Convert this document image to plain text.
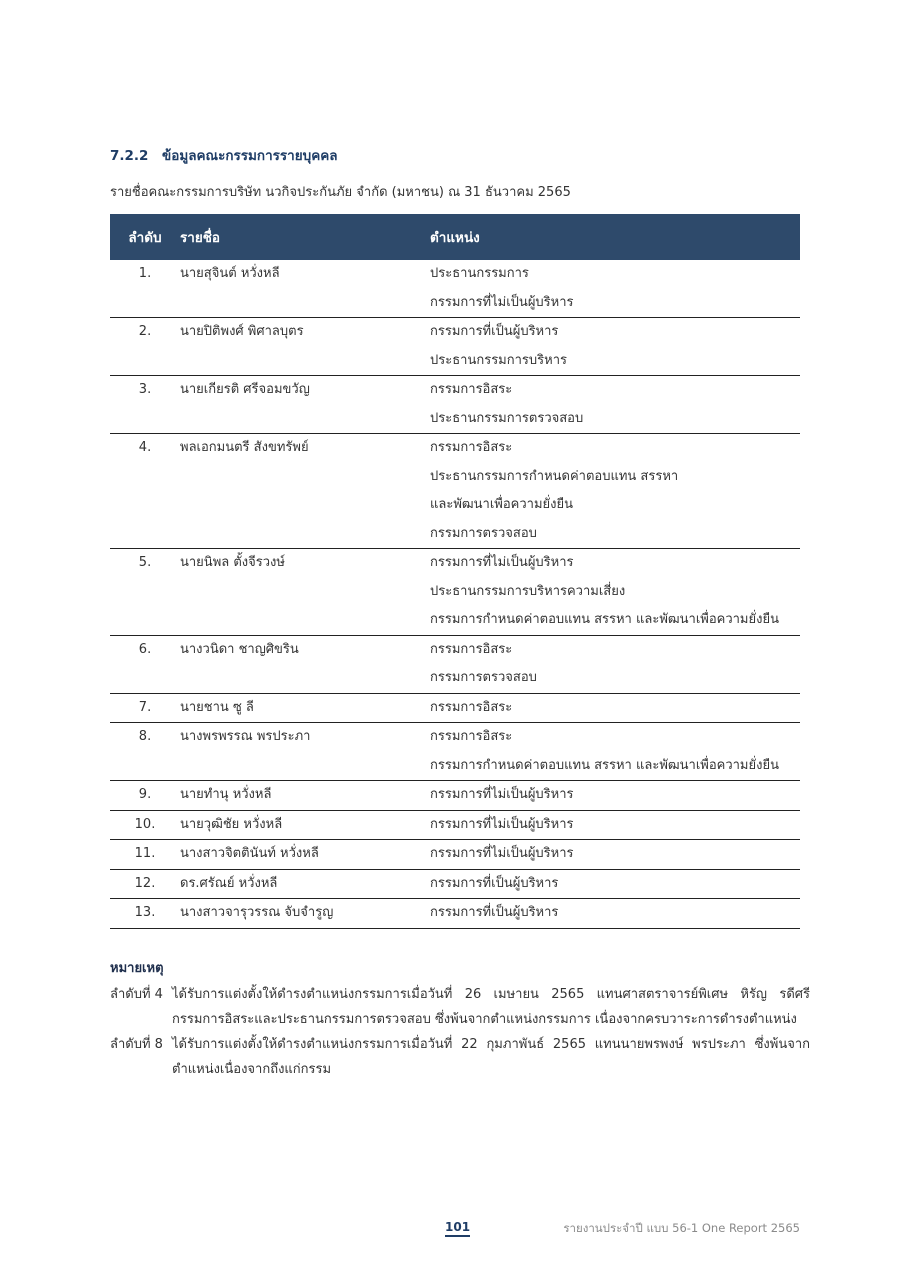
7.2.2 ข้อมูลคณะกรรมการรายบุคคล
รายชื่อคณะกรรมการบริษัท นวกิจประกันภัย จำกัด (มหาชน) ณ 31 ธันวาคม 2565
ลำดับ	รายชื่อ	ตำแหน่ง

1.	นายสุจินต์ หวั่งหลี	ประธานกรรมการ
กรรมการที่ไม่เป็นผู้บริหาร

2.	นายปิติพงศ์ พิศาลบุตร	กรรมการที่เป็นผู้บริหาร
ประธานกรรมการบริหาร

3.	นายเกียรติ ศรีจอมขวัญ	กรรมการอิสระ
ประธานกรรมการตรวจสอบ

4.	พลเอกมนตรี สังขทรัพย์	กรรมการอิสระ
ประธานกรรมการกำหนดค่าตอบแทน สรรหา
และพัฒนาเพื่อความยั่งยืน
กรรมการตรวจสอบ

5.	นายนิพล ตั้งจีรวงษ์	กรรมการที่ไม่เป็นผู้บริหาร
ประธานกรรมการบริหารความเสี่ยง
กรรมการกำหนดค่าตอบแทน สรรหา และพัฒนาเพื่อความยั่งยืน

6.	นางวนิดา ชาญศิขริน	กรรมการอิสระ
กรรมการตรวจสอบ

7.	นายชาน ซู ลี	กรรมการอิสระ

8.	นางพรพรรณ พรประภา	กรรมการอิสระ
กรรมการกำหนดค่าตอบแทน สรรหา และพัฒนาเพื่อความยั่งยืน

9.	นายทำนุ หวั่งหลี	กรรมการที่ไม่เป็นผู้บริหาร

10.	นายวุฒิชัย หวั่งหลี	กรรมการที่ไม่เป็นผู้บริหาร

11.	นางสาวจิตตินันท์ หวั่งหลี	กรรมการที่ไม่เป็นผู้บริหาร

12.	ดร.ศรัณย์ หวั่งหลี	กรรมการที่เป็นผู้บริหาร

13.	นางสาวจารุวรรณ จับจำรูญ	กรรมการที่เป็นผู้บริหาร
หมายเหตุ
ลำดับที่ 4 ได้รับการแต่งตั้งให้ดำรงตำแหน่งกรรมการเมื่อวันที่ 26 เมษายน 2565 แทนศาสตราจารย์พิเศษ หิรัญ รดีศรี กรรมการอิสระและประธานกรรมการตรวจสอบ ซึ่งพ้นจากตำแหน่งกรรมการ เนื่องจากครบวาระการดำรงตำแหน่ง
ลำดับที่ 8 ได้รับการแต่งตั้งให้ดำรงตำแหน่งกรรมการเมื่อวันที่ 22 กุมภาพันธ์ 2565 แทนนายพรพงษ์ พรประภา ซึ่งพ้นจากตำแหน่งเนื่องจากถึงแก่กรรม
101	รายงานประจำปี แบบ 56-1 One Report 2565
